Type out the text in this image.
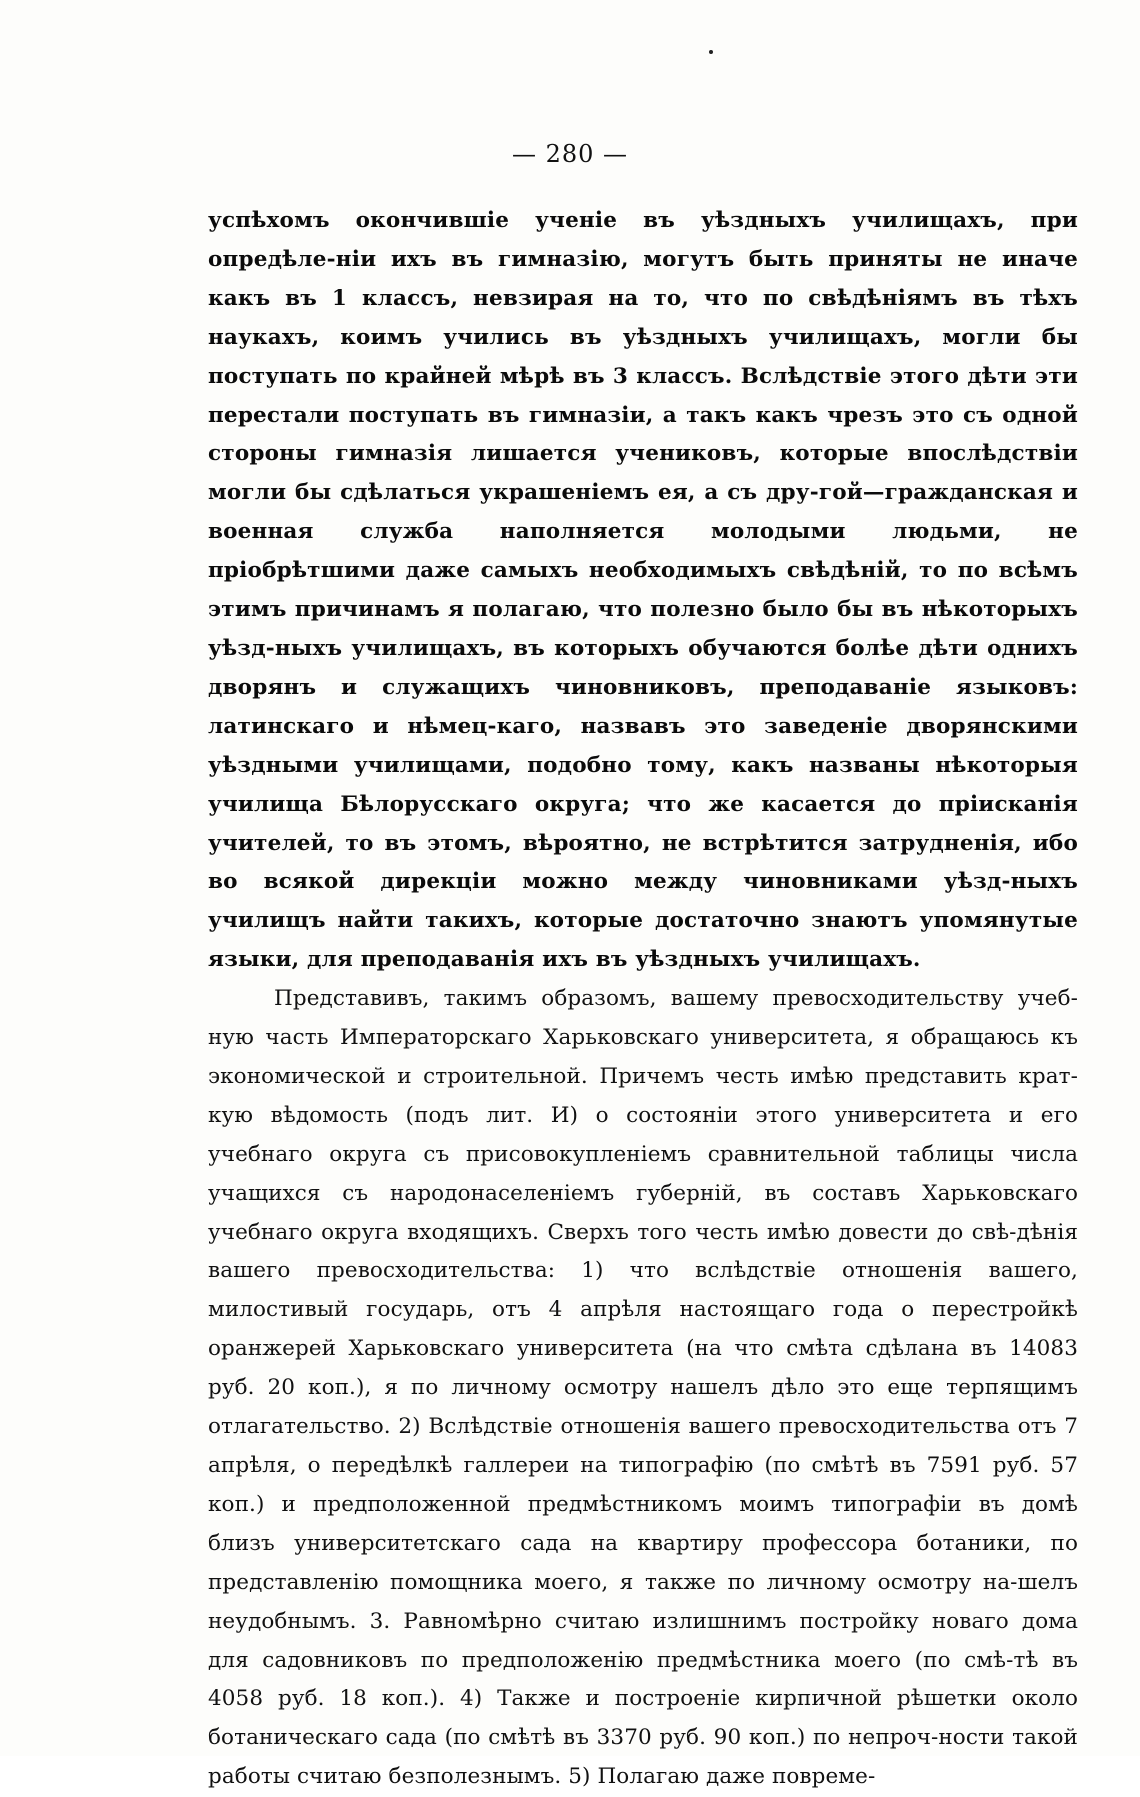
— 280 —

успѣхомъ окончившіе ученіе въ уѣздныхъ училищахъ, при опредѣле-ніи ихъ въ гимназію, могутъ быть приняты не иначе какъ въ 1 классъ, невзирая на то, что по свѣдѣніямъ въ тѣхъ наукахъ, коимъ учились въ уѣздныхъ училищахъ, могли бы поступать по крайней мѣрѣ въ 3 классъ. Вслѣдствіе этого дѣти эти перестали поступать въ гимназіи, а такъ какъ чрезъ это съ одной стороны гимназія лишается учениковъ, которые впослѣдствіи могли бы сдѣлаться украшеніемъ ея, а съ дру-гой—гражданская и военная служба наполняется молодыми людьми, не пріобрѣтшими даже самыхъ необходимыхъ свѣдѣній, то по всѣмъ этимъ причинамъ я полагаю, что полезно было бы въ нѣкоторыхъ уѣзд-ныхъ училищахъ, въ которыхъ обучаются болѣе дѣти однихъ дворянъ и служащихъ чиновниковъ, преподаваніе языковъ: латинскаго и нѣмец-каго, назвавъ это заведеніе дворянскими уѣздными училищами, подобно тому, какъ названы нѣкоторыя училища Бѣлорусскаго округа; что же касается до пріисканія учителей, то въ этомъ, вѣроятно, не встрѣтится затрудненія, ибо во всякой дирекціи можно между чиновниками уѣзд-ныхъ училищъ найти такихъ, которые достаточно знаютъ упомянутые языки, для преподаванія ихъ въ уѣздныхъ училищахъ.

Представивъ, такимъ образомъ, вашему превосходительству учеб-ную часть Императорскаго Харьковскаго университета, я обращаюсь къ экономической и строительной. Причемъ честь имѣю представить крат-кую вѣдомость (подъ лит. И) о состояніи этого университета и его учебнаго округа съ присовокупленіемъ сравнительной таблицы числа учащихся съ народонаселеніемъ губерній, въ составъ Харьковскаго учебнаго округа входящихъ. Сверхъ того честь имѣю довести до свѣ-дѣнія вашего превосходительства: 1) что вслѣдствіе отношенія вашего, милостивый государь, отъ 4 апрѣля настоящаго года о перестройкѣ оранжерей Харьковскаго университета (на что смѣта сдѣлана въ 14083 руб. 20 коп.), я по личному осмотру нашелъ дѣло это еще терпящимъ отлагательство. 2) Вслѣдствіе отношенія вашего превосходительства отъ 7 апрѣля, о передѣлкѣ галлереи на типографію (по смѣтѣ въ 7591 руб. 57 коп.) и предположенной предмѣстникомъ моимъ типографіи въ домѣ близъ университетскаго сада на квартиру профессора ботаники, по представленію помощника моего, я также по личному осмотру на-шелъ неудобнымъ. 3. Равномѣрно считаю излишнимъ постройку новаго дома для садовниковъ по предположенію предмѣстника моего (по смѣ-тѣ въ 4058 руб. 18 коп.). 4) Также и построеніе кирпичной рѣшетки около ботаническаго сада (по смѣтѣ въ 3370 руб. 90 коп.) по непроч-ности такой работы считаю безполезнымъ. 5) Полагаю даже поврeме-
